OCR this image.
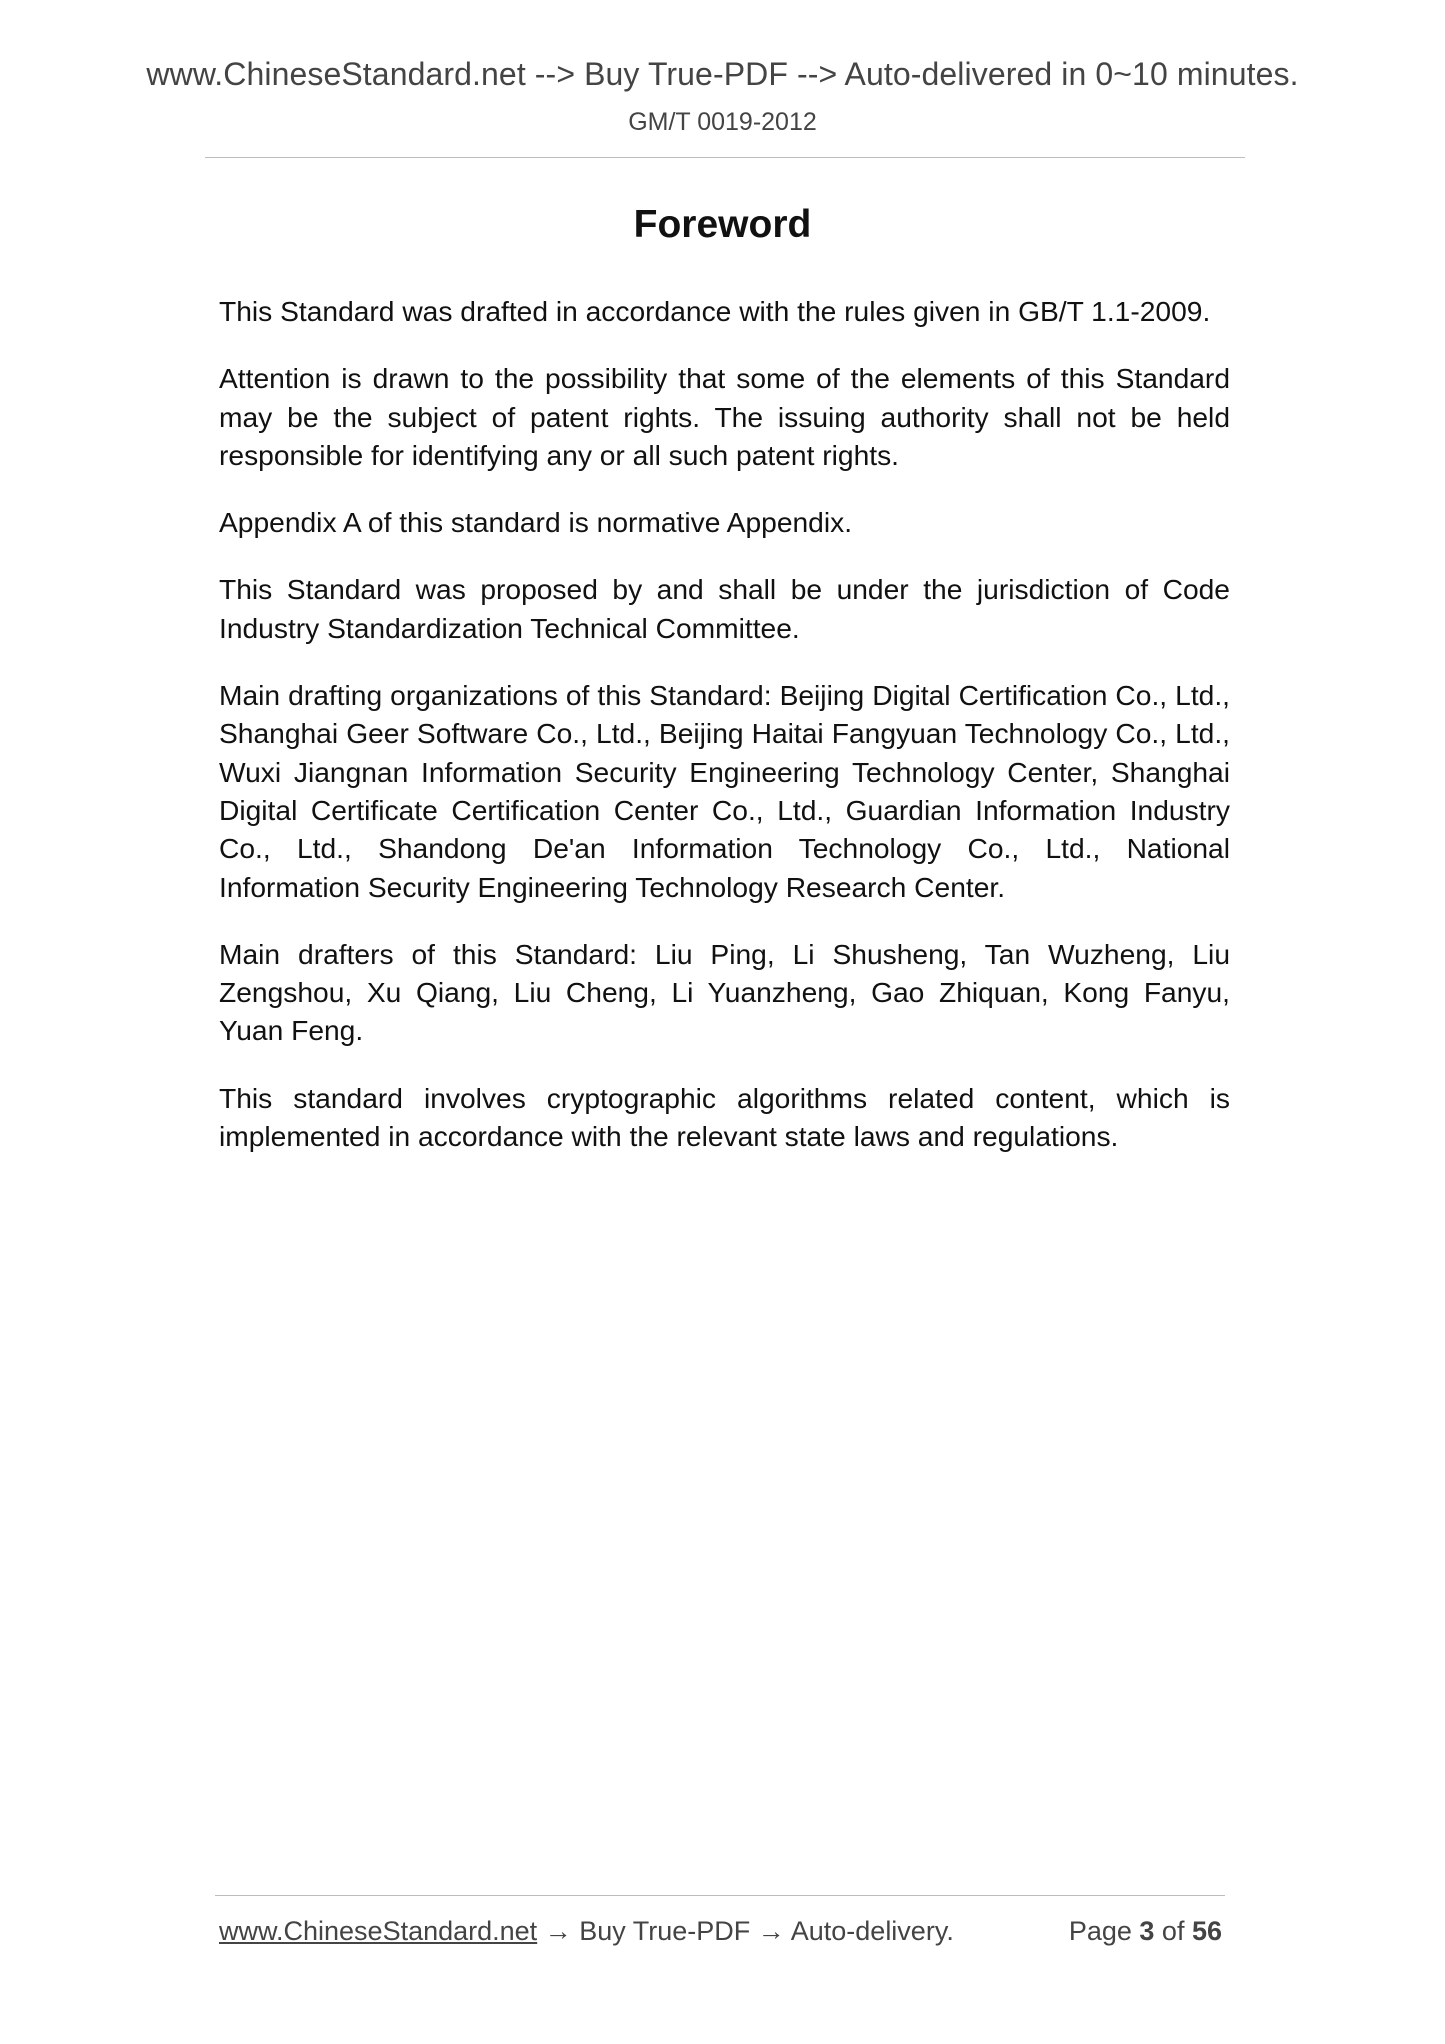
www.ChineseStandard.net --> Buy True-PDF --> Auto-delivered in 0~10 minutes.
GM/T 0019-2012
Foreword

This Standard was drafted in accordance with the rules given in GB/T 1.1-2009.

Attention is drawn to the possibility that some of the elements of this Standard may be the subject of patent rights. The issuing authority shall not be held responsible for identifying any or all such patent rights.

Appendix A of this standard is normative Appendix.

This Standard was proposed by and shall be under the jurisdiction of Code Industry Standardization Technical Committee.

Main drafting organizations of this Standard: Beijing Digital Certification Co., Ltd., Shanghai Geer Software Co., Ltd., Beijing Haitai Fangyuan Technology Co., Ltd., Wuxi Jiangnan Information Security Engineering Technology Center, Shanghai Digital Certificate Certification Center Co., Ltd., Guardian Information Industry Co., Ltd., Shandong De'an Information Technology Co., Ltd., National Information Security Engineering Technology Research Center.

Main drafters of this Standard: Liu Ping, Li Shusheng, Tan Wuzheng, Liu Zengshou, Xu Qiang, Liu Cheng, Li Yuanzheng, Gao Zhiquan, Kong Fanyu, Yuan Feng.

This standard involves cryptographic algorithms related content, which is implemented in accordance with the relevant state laws and regulations.

www.ChineseStandard.net → Buy True-PDF → Auto-delivery.	Page 3 of 56
